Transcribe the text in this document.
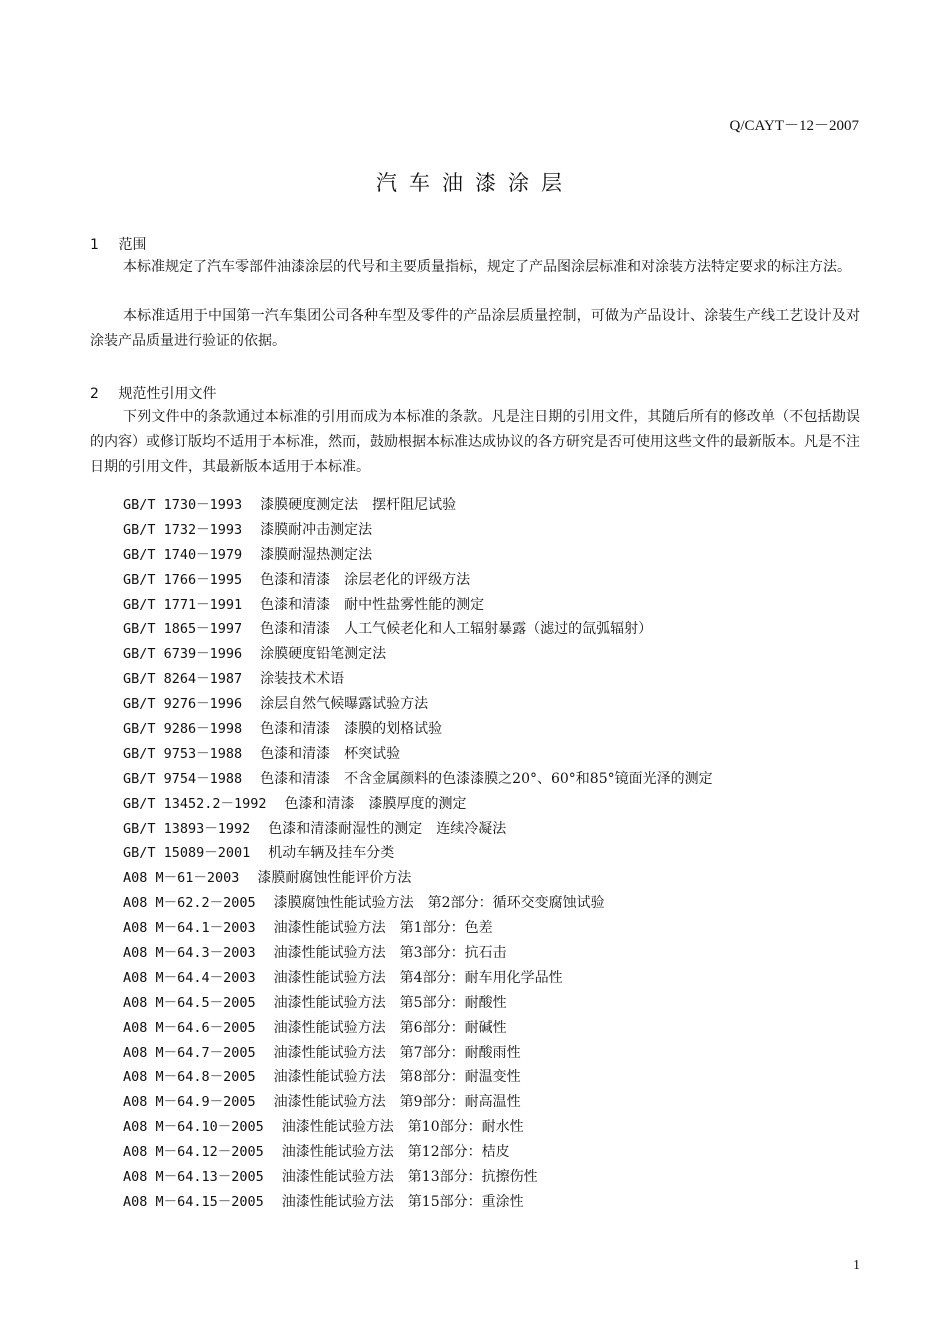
Q/CAYT－12－2007
汽车油漆涂层
1 范围

本标准规定了汽车零部件油漆涂层的代号和主要质量指标，规定了产品图涂层标准和对涂装方法特定要求的标注方法。

本标准适用于中国第一汽车集团公司各种车型及零件的产品涂层质量控制，可做为产品设计、涂装生产线工艺设计及对涂装产品质量进行验证的依据。

2 规范性引用文件

下列文件中的条款通过本标准的引用而成为本标准的条款。凡是注日期的引用文件，其随后所有的修改单（不包括勘误的内容）或修订版均不适用于本标准，然而，鼓励根据本标准达成协议的各方研究是否可使用这些文件的最新版本。凡是不注日期的引用文件，其最新版本适用于本标准。

GB/T 1730－1993 漆膜硬度测定法　摆杆阻尼试验
GB/T 1732－1993 漆膜耐冲击测定法
GB/T 1740－1979 漆膜耐湿热测定法
GB/T 1766－1995 色漆和清漆　涂层老化的评级方法
GB/T 1771－1991 色漆和清漆　耐中性盐雾性能的测定
GB/T 1865－1997 色漆和清漆　人工气候老化和人工辐射暴露（滤过的氙弧辐射）
GB/T 6739－1996 涂膜硬度铅笔测定法
GB/T 8264－1987 涂装技术术语
GB/T 9276－1996 涂层自然气候曝露试验方法
GB/T 9286－1998 色漆和清漆　漆膜的划格试验
GB/T 9753－1988 色漆和清漆　杯突试验
GB/T 9754－1988 色漆和清漆　不含金属颜料的色漆漆膜之20°、60°和85°镜面光泽的测定
GB/T 13452.2－1992 色漆和清漆　漆膜厚度的测定
GB/T 13893－1992 色漆和清漆耐湿性的测定　连续冷凝法
GB/T 15089－2001 机动车辆及挂车分类
A08 M－61－2003 漆膜耐腐蚀性能评价方法
A08 M－62.2－2005 漆膜腐蚀性能试验方法　第2部分：循环交变腐蚀试验
A08 M－64.1－2003 油漆性能试验方法　第1部分：色差
A08 M－64.3－2003 油漆性能试验方法　第3部分：抗石击
A08 M－64.4－2003 油漆性能试验方法　第4部分：耐车用化学品性
A08 M－64.5－2005 油漆性能试验方法　第5部分：耐酸性
A08 M－64.6－2005 油漆性能试验方法　第6部分：耐碱性
A08 M－64.7－2005 油漆性能试验方法　第7部分：耐酸雨性
A08 M－64.8－2005 油漆性能试验方法　第8部分：耐温变性
A08 M－64.9－2005 油漆性能试验方法　第9部分：耐高温性
A08 M－64.10－2005 油漆性能试验方法　第10部分：耐水性
A08 M－64.12－2005 油漆性能试验方法　第12部分：桔皮
A08 M－64.13－2005 油漆性能试验方法　第13部分：抗擦伤性
A08 M－64.15－2005 油漆性能试验方法　第15部分：重涂性
1
